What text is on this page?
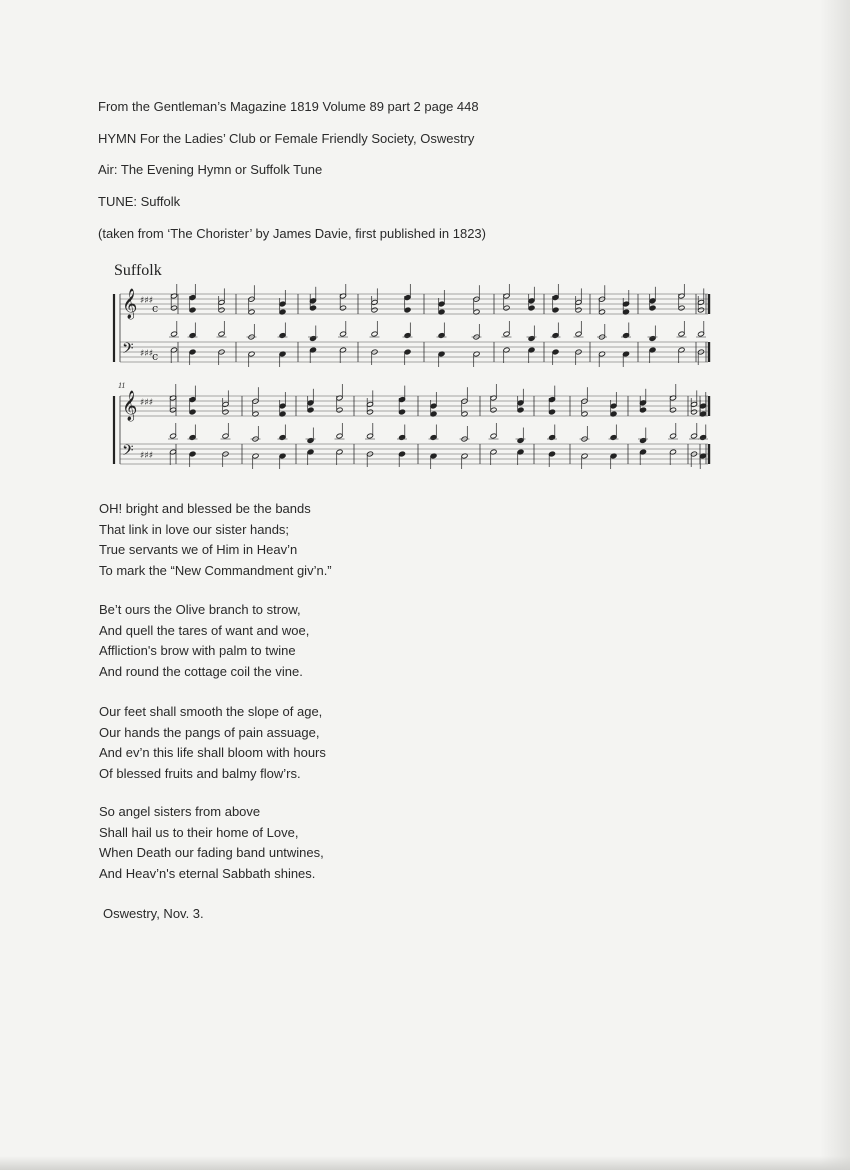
From the Gentleman’s Magazine 1819 Volume 89 part 2 page 448
HYMN For the Ladies’ Club or Female Friendly Society, Oswestry
Air: The Evening Hymn or Suffolk Tune
TUNE: Suffolk
(taken from ‘The Chorister’ by James Davie, first published in 1823)
Suffolk
𝄞 ♯♯♯
𝄢 ♯♯♯
c
c
𝄞 ♯♯♯
𝄢 ♯♯♯
11
OH! bright and blessed be the bands
That link in love our sister hands;
True servants we of Him in Heav’n
To mark the “New Commandment giv’n.”
Be’t ours the Olive branch to strow,
And quell the tares of want and woe,
Affliction's brow with palm to twine
And round the cottage coil the vine.
Our feet shall smooth the slope of age,
Our hands the pangs of pain assuage,
And ev’n this life shall bloom with hours
Of blessed fruits and balmy flow’rs.
So angel sisters from above
Shall hail us to their home of Love,
When Death our fading band untwines,
And Heav’n's eternal Sabbath shines.
Oswestry, Nov. 3.
